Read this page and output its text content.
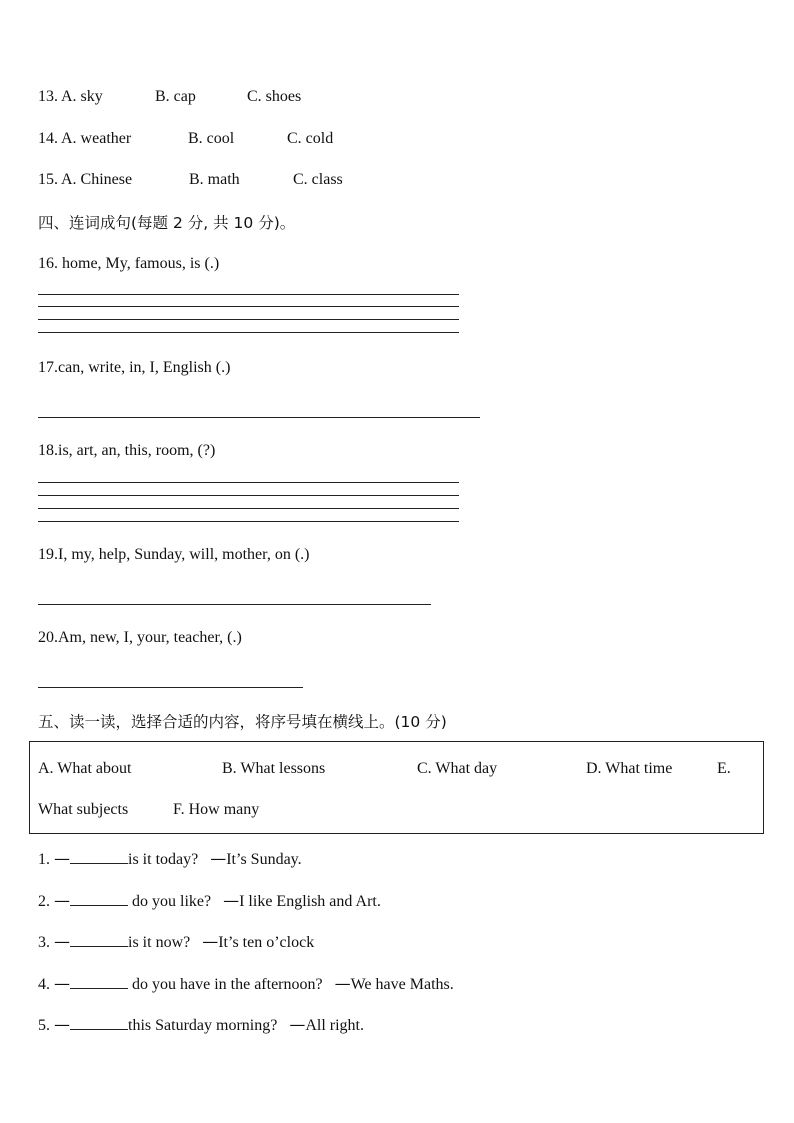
13. A. sky	B. cap	C. shoes
14. A. weather	B. cool	C. cold
15. A. Chinese	B. math	C. class
四、连词成句(每题 2 分, 共 10 分)。
16. home, My, famous, is (.)
17.can, write, in, I, English (.)
18.is, art, an, this, room, (?)
19.I, my, help, Sunday, will, mother, on (.)
20.Am, new, I, your, teacher, (.)
五、读一读，选择合适的内容，将序号填在横线上。(10 分)
A. What about	B. What lessons	C. What day	D. What time	E.
What subjects	F. How many
1. —	is it today? —It’s Sunday.
2. —	do you like? —I like English and Art.
3. —	is it now? —It’s ten o’clock
4. —	do you have in the afternoon? —We have Maths.
5. —	this Saturday morning? —All right.
